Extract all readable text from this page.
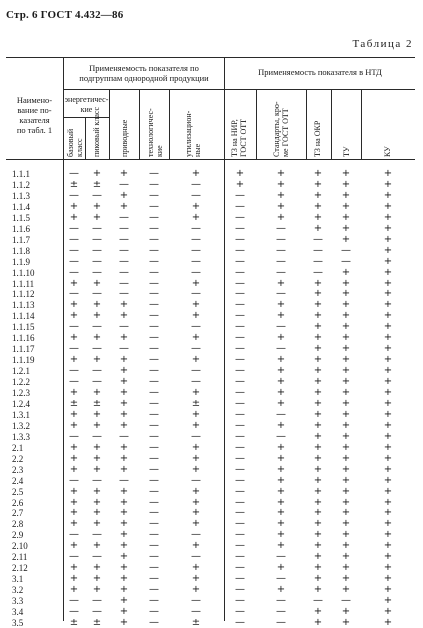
Стр. 6 ГОСТ 4.432—86
Таблица 2
Наимено-
вание по-
казателя
по табл. 1
Применяемость показателя по
подгруппам однородной продукции
Применяемость показателя в НТД
энергетичес-
кие
базовый класс пиковый класс приводные технологичес- кие	утилизацион- ные	ТЗ на НИР, ГОСТ ОТТ	Стандарты, кро- ме ГОСТ ОТТ	ТЗ на ОКР	ТУ	КУ
1.1.1	— + + —	+	+	+	+ +	+
1.1.2	± ± — —	—	+	+	+ +	+
1.1.3	— — + —	—	—	+	+ +	+
1.1.4	+ + + —	+	—	+	+ +	+
1.1.5	+ + — —	+	—	+	+ +	+
1.1.6	— — — —	—	—	—	+ +	+
1.1.7	— — — —	—	—	—	— +	+
1.1.8	— — — —	—	—	—	— —	+
1.1.9	— — — —	—	—	—	— —	+
1.1.10	— — — —	—	—	—	— +	+
1.1.11	+ + — —	+	—	+	+ +	+
1.1.12	— — — —	—	—	—	+ +	+
1.1.13	+ + + —	+	—	+	+ +	+
1.1.14	+ + + —	+	—	+	+ +	+
1.1.15	— — — —	—	—	—	+ +	+
1.1.16	+ + + —	+	—	+	+ +	+
1.1.17	— — — —	—	—	—	+ +	+
1.1.19	+ + + —	+	—	+	+ +	+
1.2.1	— — + —	—	—	+	+ +	+
1.2.2	— — + —	—	—	+	+ +	+
1.2.3	+ + + —	+	—	+	+ +	+
1.2.4	± ± + —	±	—	+	+ +	+
1.3.1	+ + + —	+	—	—	+ +	+
1.3.2	+ + + —	+	—	+	+ +	+
1.3.3	— — — —	—	—	—	+ +	+
2.1	+ + + —	+	—	+	+ +	+
2.2	+ + + —	+	—	+	+ +	+
2.3	+ + + —	+	—	+	+ +	+
2.4	— — — —	—	—	+	+ +	+
2.5	+ + + —	+	—	+	+ +	+
2.6	+ + + —	+	—	+	+ +	+
2.7	+ + + —	+	—	+	+ +	+
2.8	+ + + —	+	—	+	+ +	+
2.9	— — + —	—	—	+	+ +	+
2.10	+ + + —	+	—	+	+ +	+
2.11	— — + —	—	—	—	+ +	+
2.12	+ + + —	+	—	+	+ +	+
3.1	+ + + —	+	—	—	+ +	+
3.2	+ + + —	+	—	+	+ +	+
3.3	— — + —	—	—	—	— —	+
3.4	— — + —	—	—	—	+ +	+
3.5	± ± + —	±	—	—	+ +	+
